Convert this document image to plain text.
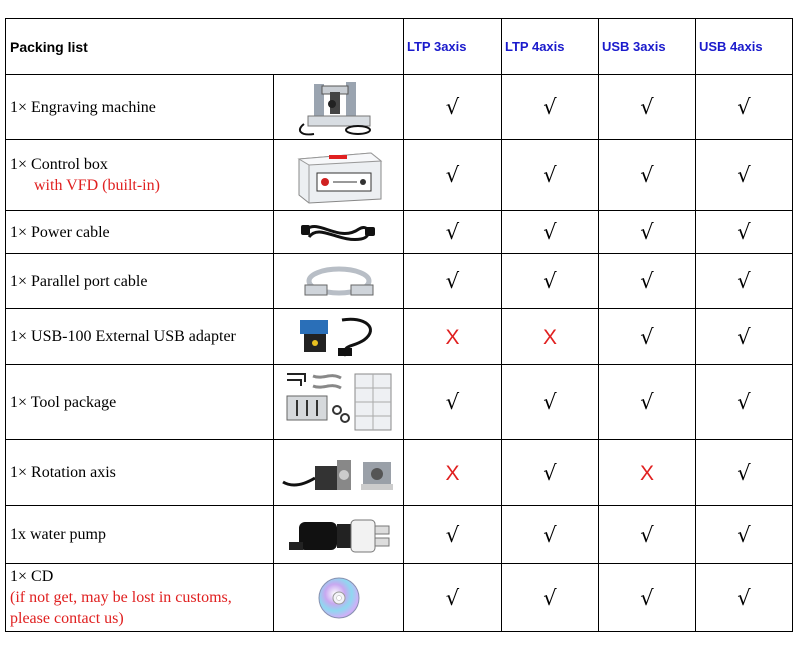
Packing list		LTP 3axis	LTP 4axis	USB 3axis	USB 4axis
1× Engraving machine		√	√	√	√

1× Control box
with VFD (built-in)		√	√	√	√
1× Power cable		√	√	√	√
1× Parallel port cable		√	√	√	√
1× USB-100 External USB adapter		X	X	√	√
1× Tool package		√	√	√	√
1× Rotation axis		X	√	X	√
1x water pump		√	√	√	√

1× CD
(if not get, may be lost in customs,
please contact us)		√	√	√	√
